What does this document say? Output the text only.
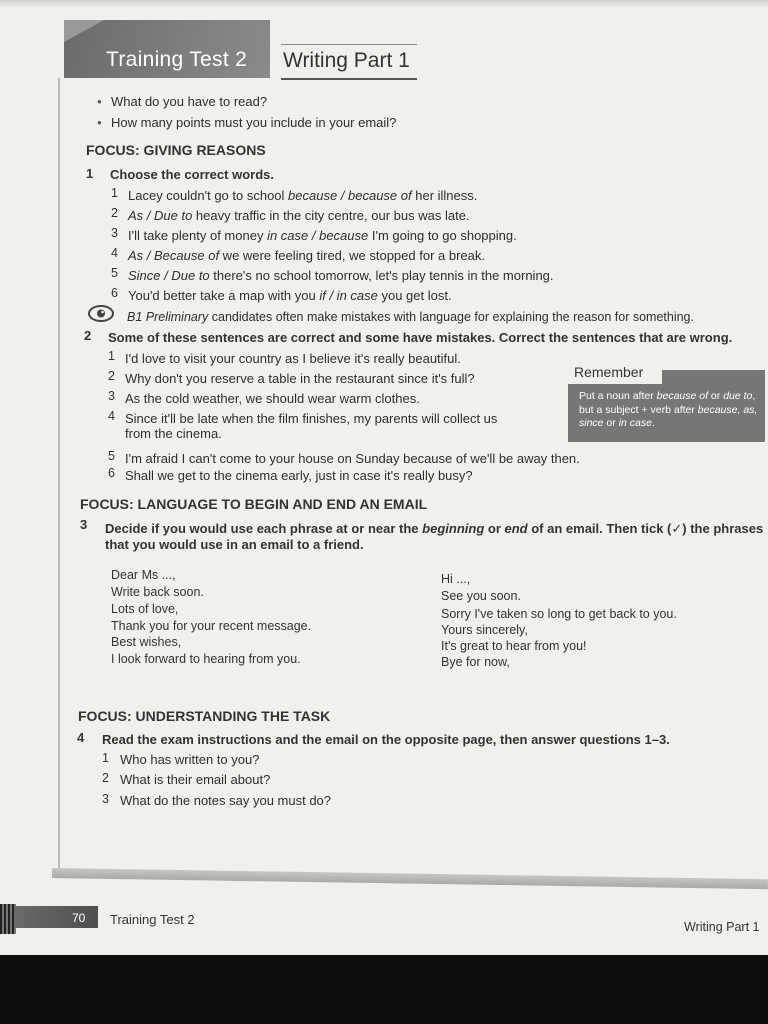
Training Test 2 Writing Part 1
● What do you have to read?
● How many points must you include in your email?
FOCUS: GIVING REASONS
1 Choose the correct words.
1 Lacey couldn't go to school because / because of her illness.
2 As / Due to heavy traffic in the city centre, our bus was late.
3 I'll take plenty of money in case / because I'm going to go shopping.
4 As / Because of we were feeling tired, we stopped for a break.
5 Since / Due to there's no school tomorrow, let's play tennis in the morning.
6 You'd better take a map with you if / in case you get lost.
B1 Preliminary candidates often make mistakes with language for explaining the reason for something.
2 Some of these sentences are correct and some have mistakes. Correct the sentences that are wrong.
1 I'd love to visit your country as I believe it's really beautiful.
2 Why don't you reserve a table in the restaurant since it's full?
3 As the cold weather, we should wear warm clothes.
4 Since it'll be late when the film finishes, my parents will collect us
from the cinema.
5 I'm afraid I can't come to your house on Sunday because of we'll be away then.
6 Shall we get to the cinema early, just in case it's really busy?
Remember
Put a noun after because of or due to, but a subject + verb after because, as, since or in case.
FOCUS: LANGUAGE TO BEGIN AND END AN EMAIL
3 Decide if you would use each phrase at or near the beginning or end of an email. Then tick (✓) the phrases
that you would use in an email to a friend.
Dear Ms ...,
Write back soon.
Lots of love,
Thank you for your recent message.
Best wishes,
I look forward to hearing from you.
Hi ...,
See you soon.
Sorry I've taken so long to get back to you.
Yours sincerely,
It's great to hear from you!
Bye for now,
FOCUS: UNDERSTANDING THE TASK
4 Read the exam instructions and the email on the opposite page, then answer questions 1–3.
1 Who has written to you?
2 What is their email about?
3 What do the notes say you must do?
70 Training Test 2	Writing Part 1
